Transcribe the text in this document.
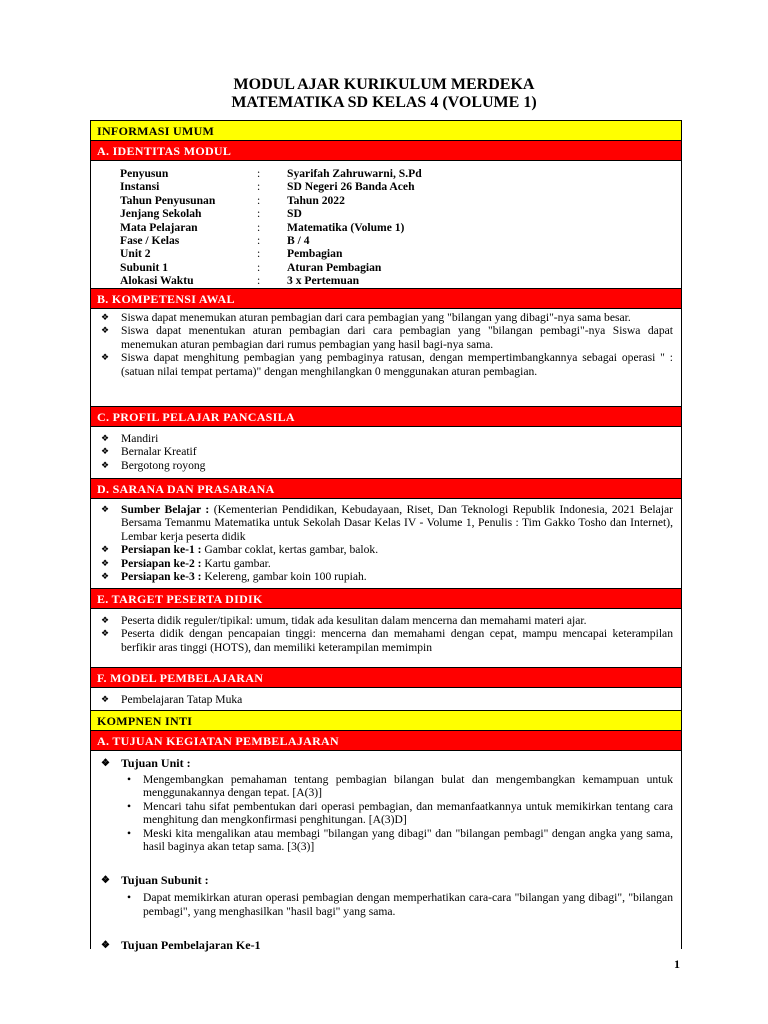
MODUL AJAR KURIKULUM MERDEKA
MATEMATIKA SD KELAS 4 (VOLUME 1)
INFORMASI UMUM
A. IDENTITAS MODUL
Penyusun	:	Syarifah Zahruwarni, S.Pd
Instansi	:	SD Negeri 26 Banda Aceh
Tahun Penyusunan	:	Tahun 2022
Jenjang Sekolah	:	SD
Mata Pelajaran	:	Matematika (Volume 1)
Fase / Kelas	:	B / 4
Unit 2	:	Pembagian
Subunit 1	:	Aturan Pembagian
Alokasi Waktu	:	3 x Pertemuan
B. KOMPETENSI AWAL
❖ Siswa dapat menemukan aturan pembagian dari cara pembagian yang "bilangan yang dibagi"-nya sama besar.
❖ Siswa dapat menentukan aturan pembagian dari cara pembagian yang "bilangan pembagi"-nya Siswa dapat menemukan aturan pembagian dari rumus pembagian yang hasil bagi-nya sama.
❖ Siswa dapat menghitung pembagian yang pembaginya ratusan, dengan mempertimbangkannya sebagai operasi " : (satuan nilai tempat pertama)" dengan menghilangkan 0 menggunakan aturan pembagian.
C. PROFIL PELAJAR PANCASILA
❖ Mandiri
❖ Bernalar Kreatif
❖ Bergotong royong
D. SARANA DAN PRASARANA
❖ Sumber Belajar : (Kementerian Pendidikan, Kebudayaan, Riset, Dan Teknologi Republik Indonesia, 2021 Belajar Bersama Temanmu Matematika untuk Sekolah Dasar Kelas IV - Volume 1, Penulis : Tim Gakko Tosho dan Internet), Lembar kerja peserta didik
❖ Persiapan ke-1 : Gambar coklat, kertas gambar, balok.
❖ Persiapan ke-2 : Kartu gambar.
❖ Persiapan ke-3 : Kelereng, gambar koin 100 rupiah.
E. TARGET PESERTA DIDIK
❖ Peserta didik reguler/tipikal: umum, tidak ada kesulitan dalam mencerna dan memahami materi ajar.
❖ Peserta didik dengan pencapaian tinggi: mencerna dan memahami dengan cepat, mampu mencapai keterampilan berfikir aras tinggi (HOTS), dan memiliki keterampilan memimpin
F. MODEL PEMBELAJARAN
❖ Pembelajaran Tatap Muka
KOMPNEN INTI
A. TUJUAN KEGIATAN PEMBELAJARAN
❖ Tujuan Unit :
• Mengembangkan pemahaman tentang pembagian bilangan bulat dan mengembangkan kemampuan untuk menggunakannya dengan tepat. [A(3)]
• Mencari tahu sifat pembentukan dari operasi pembagian, dan memanfaatkannya untuk memikirkan tentang cara menghitung dan mengkonfirmasi penghitungan. [A(3)D]
• Meski kita mengalikan atau membagi "bilangan yang dibagi" dan "bilangan pembagi" dengan angka yang sama, hasil baginya akan tetap sama. [3(3)]
❖ Tujuan Subunit :
• Dapat memikirkan aturan operasi pembagian dengan memperhatikan cara-cara "bilangan yang dibagi", "bilangan pembagi", yang menghasilkan "hasil bagi" yang sama.
❖ Tujuan Pembelajaran Ke-1
1
